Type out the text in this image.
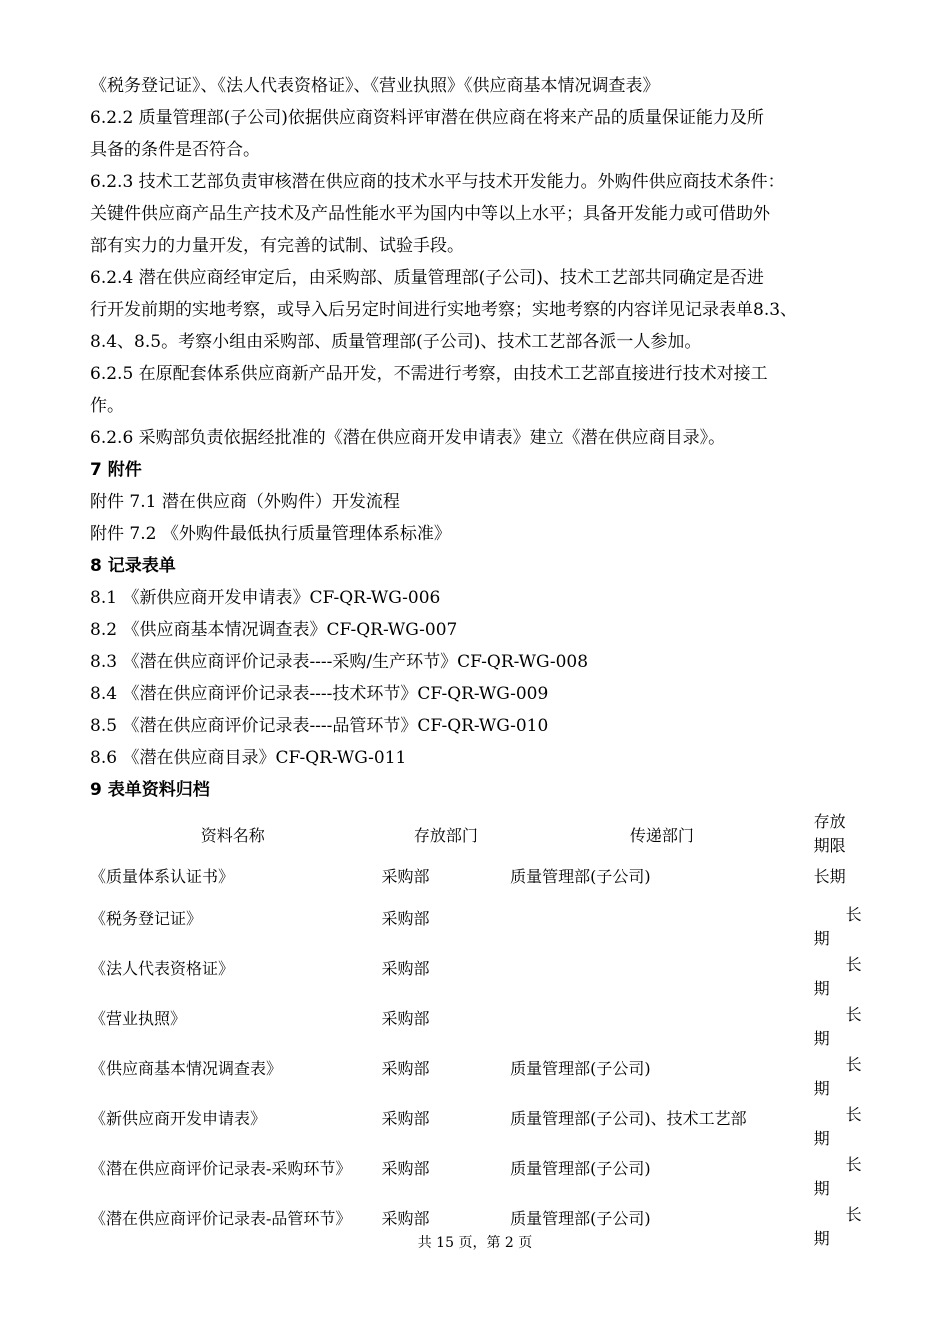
《税务登记证》、《法人代表资格证》、《营业执照》《供应商基本情况调查表》

6.2.2 质量管理部(子公司)依据供应商资料评审潜在供应商在将来产品的质量保证能力及所

具备的条件是否符合。

6.2.3 技术工艺部负责审核潜在供应商的技术水平与技术开发能力。外购件供应商技术条件：

关键件供应商产品生产技术及产品性能水平为国内中等以上水平；具备开发能力或可借助外

部有实力的力量开发，有完善的试制、试验手段。

6.2.4 潜在供应商经审定后，由采购部、质量管理部(子公司)、技术工艺部共同确定是否进

行开发前期的实地考察，或导入后另定时间进行实地考察；实地考察的内容详见记录表单8.3、

8.4、8.5。考察小组由采购部、质量管理部(子公司)、技术工艺部各派一人参加。

6.2.5 在原配套体系供应商新产品开发，不需进行考察，由技术工艺部直接进行技术对接工

作。

6.2.6 采购部负责依据经批准的《潜在供应商开发申请表》建立《潜在供应商目录》。

7 附件

附件 7.1 潜在供应商（外购件）开发流程

附件 7.2 《外购件最低执行质量管理体系标准》

8 记录表单

8.1 《新供应商开发申请表》CF-QR-WG-006

8.2 《供应商基本情况调查表》CF-QR-WG-007

8.3 《潜在供应商评价记录表----采购/生产环节》CF-QR-WG-008

8.4 《潜在供应商评价记录表----技术环节》CF-QR-WG-009

8.5 《潜在供应商评价记录表----品管环节》CF-QR-WG-010

8.6 《潜在供应商目录》CF-QR-WG-011

9 表单资料归档

资料名称	存放部门	传递部门	存放
期限
《质量体系认证书》	采购部	质量管理部(子公司)	长期

《税务登记证》	采购部		长
期

《法人代表资格证》	采购部		长
期

《营业执照》	采购部		长
期

《供应商基本情况调查表》	采购部	质量管理部(子公司)	长
期

《新供应商开发申请表》	采购部	质量管理部(子公司)、技术工艺部	长
期

《潜在供应商评价记录表-采购环节》	采购部	质量管理部(子公司)	长
期

《潜在供应商评价记录表-品管环节》	采购部	质量管理部(子公司)	长
期
共 15 页，第 2 页
